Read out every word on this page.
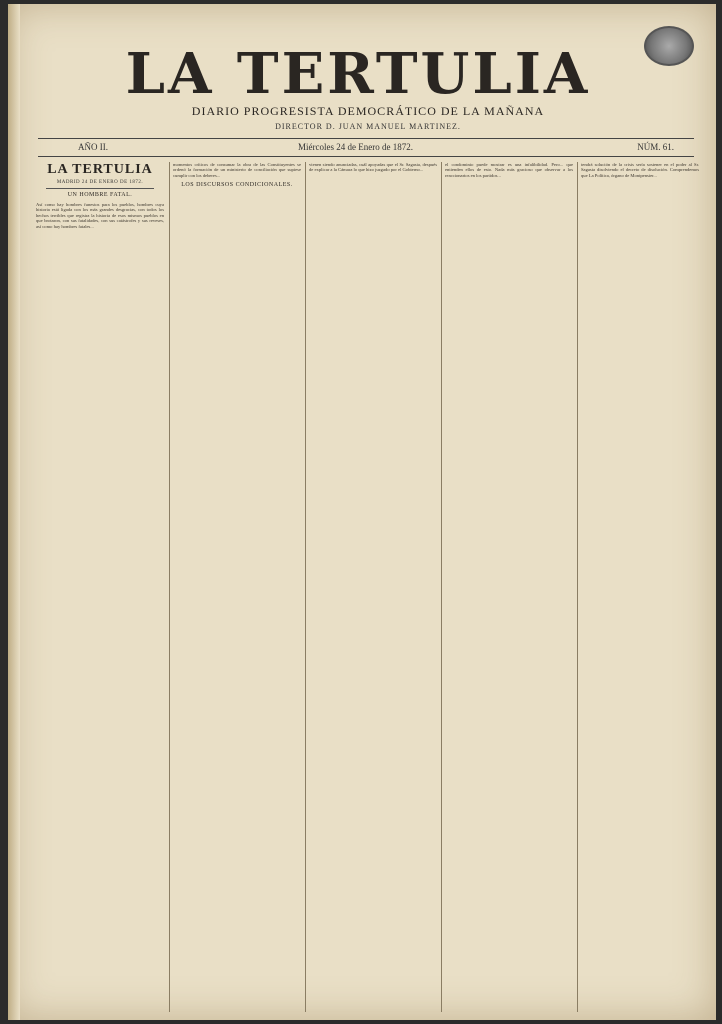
LA TERTULIA
DIARIO PROGRESISTA DEMOCRÁTICO DE LA MAÑANA
DIRECTOR D. JUAN MANUEL MARTINEZ.
AÑO II.	Miércoles 24 de Enero de 1872.	NÚM. 61.
LA TERTULIA
MADRID 24 DE ENERO DE 1872.
UN HOMBRE FATAL.

Así como hay hombres funestos para los pueblos, hombres cuya historia está ligada con los más grandes desgracias, con todos los hechos terribles que registra la historia de esos mismos pueblos en que brotaron, con sus fatalidades, con sus catástrofes y sus reveses, así como hay hombres fatales...

momentos críticos de consumar la obra de las Constituyentes se ordenó la formación de un ministerio de conciliación que supiese cumplir con los deberes...

LOS DISCURSOS CONDICIONALES.

vienen siendo anunciadas, cuál apoyadas que el Sr. Sagasta, después de explicar a la Cámara lo que hizo juzgado por el Gobierno...

el condominio puede mostrar es una infalibilidad. Pero... que entienden ellos de esto. Nada más gracioso que observar a los reaccionarios en los partidos...

tendrá solución de la crisis sería sostener en el poder al Sr. Sagasta disolviendo el decreto de disolución. Comprendemos que La Política, órgano de Montpensier...
